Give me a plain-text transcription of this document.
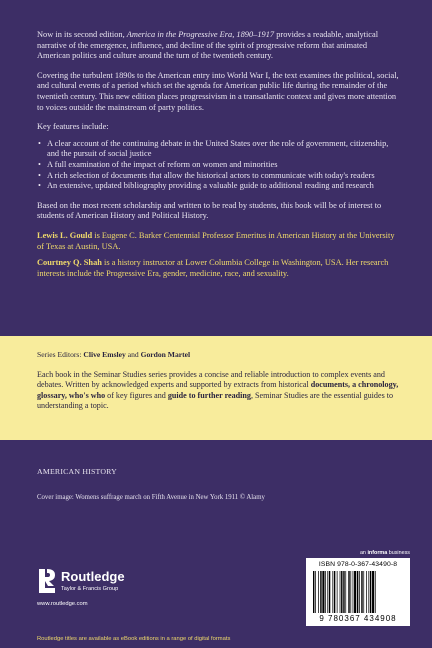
Now in its second edition, America in the Progressive Era, 1890–1917 provides a readable, analytical narrative of the emergence, influence, and decline of the spirit of progressive reform that animated American politics and culture around the turn of the twentieth century.

Covering the turbulent 1890s to the American entry into World War I, the text examines the political, social, and cultural events of a period which set the agenda for American public life during the remainder of the twentieth century. This new edition places progressivism in a transatlantic context and gives more attention to voices outside the mainstream of party politics.

Key features include:

• A clear account of the continuing debate in the United States over the role of government, citizenship, and the pursuit of social justice
• A full examination of the impact of reform on women and minorities
• A rich selection of documents that allow the historical actors to communicate with today's readers
• An extensive, updated bibliography providing a valuable guide to additional reading and research

Based on the most recent scholarship and written to be read by students, this book will be of interest to students of American History and Political History.

Lewis L. Gould is Eugene C. Barker Centennial Professor Emeritus in American History at the University of Texas at Austin, USA.

Courtney Q. Shah is a history instructor at Lower Columbia College in Washington, USA. Her research interests include the Progressive Era, gender, medicine, race, and sexuality.

Series Editors: Clive Emsley and Gordon Martel

Each book in the Seminar Studies series provides a concise and reliable introduction to complex events and debates. Written by acknowledged experts and supported by extracts from historical documents, a chronology, glossary, who's who of key figures and guide to further reading, Seminar Studies are the essential guides to understanding a topic.

AMERICAN HISTORY
Cover image: Womens suffrage march on Fifth Avenue in New York 1911 © Alamy
Routledge
Taylor & Francis Group
www.routledge.com
an informa business
ISBN 978-0-367-43490-8
9 780367 434908
Routledge titles are available as eBook editions in a range of digital formats
